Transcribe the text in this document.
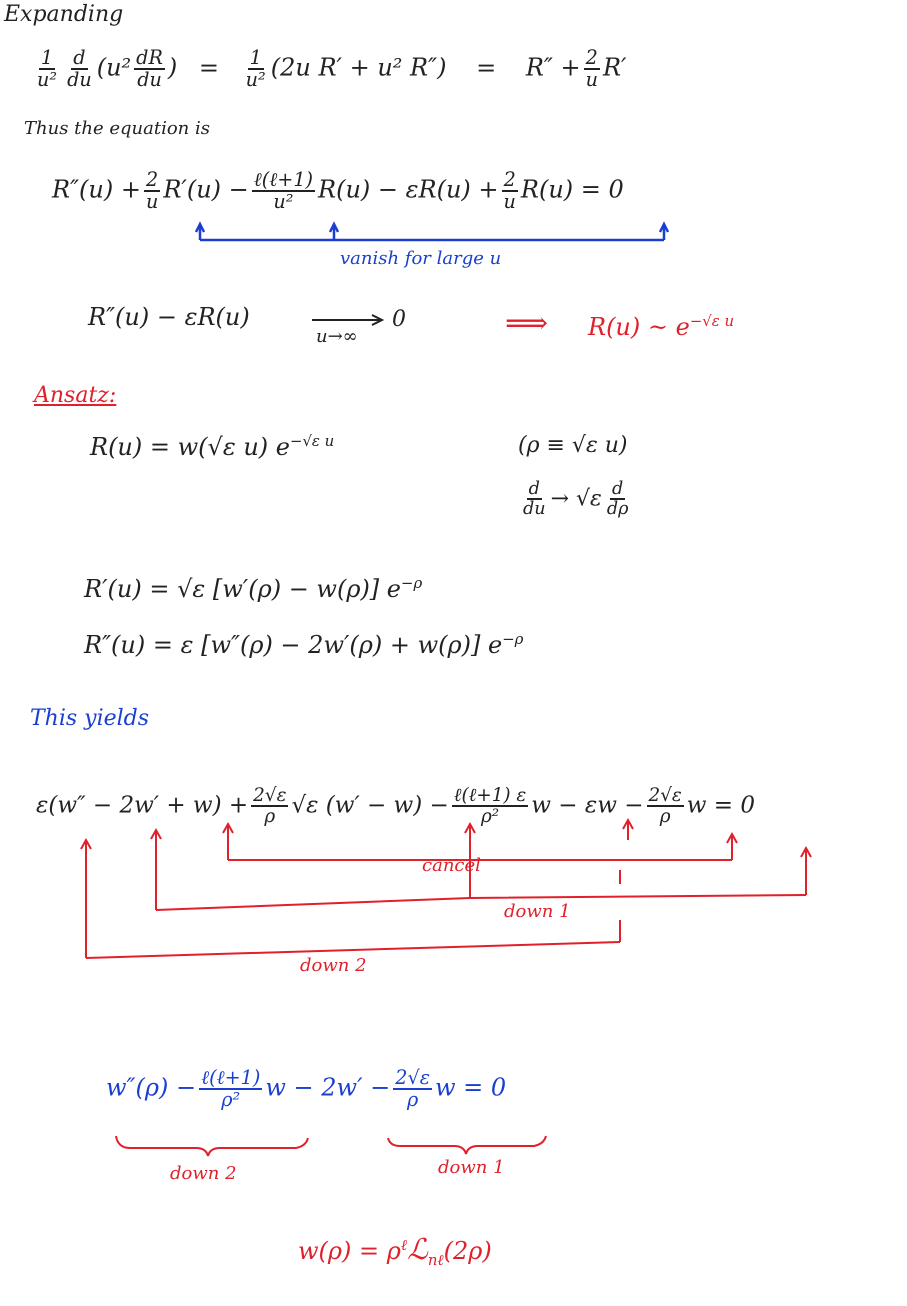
Expanding
$\frac{1}{\text{u²}} \frac{d}{du} (u^2 \frac{dR}{du}$ ) = $\frac{1}{\text{u²}} (2u$ R′ + u² $R'') = R'' + \frac{2}{u} R'$
Thus the equation is
$R''(u) + \frac{2}{u} R'(u) - \frac{\text{ℓ(ℓ+1)}}{\text{u²}} R(u) - \varepsilon R(u) + \frac{2}{u} R(u) = 0$
vanish for large u
R″(u) − εR(u)
u→∞
0	⟹ R(u) ~ $e^{-√\varepsilon u}$
Ansatz:
R(u) = w(√ε u) $e^{-√\varepsilon u}$	(ρ ≡ √ε u)
$\frac{d}{du} \to √\varepsilon \frac{d}{d\rho}$
R′(u) = √ε [w′(ρ) − w(ρ)] $e^{-\rho}$
R″(u) = ε [w″(ρ) − 2w′(ρ) + w(ρ)] $e^{-\rho}$
This yields
$\varepsilon(w'' - 2w' + w) + \frac{2√\varepsilon}{\rho} √\varepsilon$ $(w' - w) - \frac{\text{ℓ(ℓ+1) ε}}{\text{ρ²}}$ $w - \varepsilon w - \frac{2√\varepsilon}{\rho}$ w = 0
cancel
down 1
down 2
$w''(\rho) - \frac{\text{ℓ(ℓ+1)}}{\text{ρ²}}$ $w - 2w' - \frac{2√\varepsilon}{\rho}$ w = 0
down 2	down 1
$w(\rho) = \rho^\ell ℒ_{n\ell}(2\rho)$
